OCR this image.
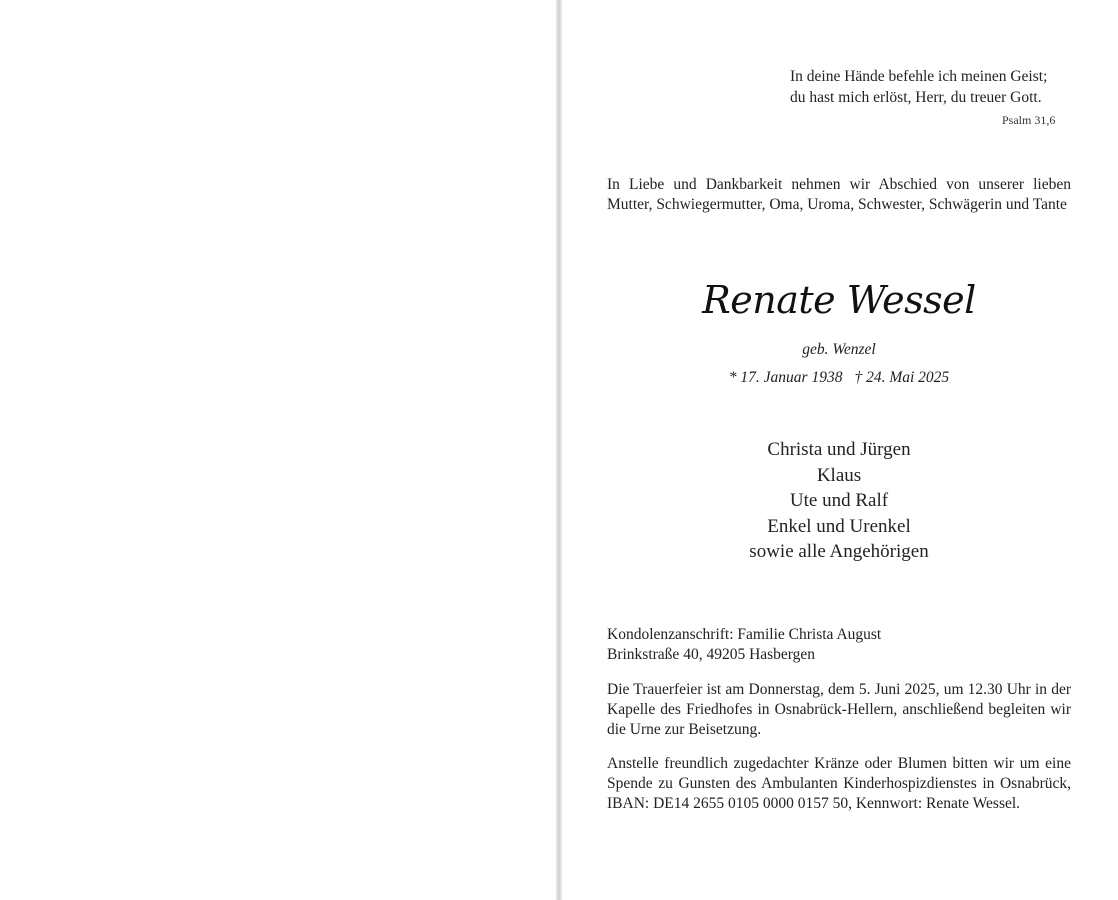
In deine Hände befehle ich meinen Geist;
du hast mich erlöst, Herr, du treuer Gott.
Psalm 31,6
In Liebe und Dankbarkeit nehmen wir Abschied von unserer lieben Mutter, Schwiegermutter, Oma, Uroma, Schwester, Schwägerin und Tante
Renate Wessel
geb. Wenzel
* 17. Januar 1938 † 24. Mai 2025
Christa und Jürgen
Klaus
Ute und Ralf
Enkel und Urenkel
sowie alle Angehörigen
Kondolenzanschrift: Familie Christa August
Brinkstraße 40, 49205 Hasbergen
Die Trauerfeier ist am Donnerstag, dem 5. Juni 2025, um 12.30 Uhr in der Kapelle des Friedhofes in Osnabrück-Hellern, anschließend begleiten wir die Urne zur Beisetzung.
Anstelle freundlich zugedachter Kränze oder Blumen bitten wir um eine Spende zu Gunsten des Ambulanten Kinderhospizdienstes in Osnabrück, IBAN: DE14 2655 0105 0000 0157 50, Kennwort: Renate Wessel.
